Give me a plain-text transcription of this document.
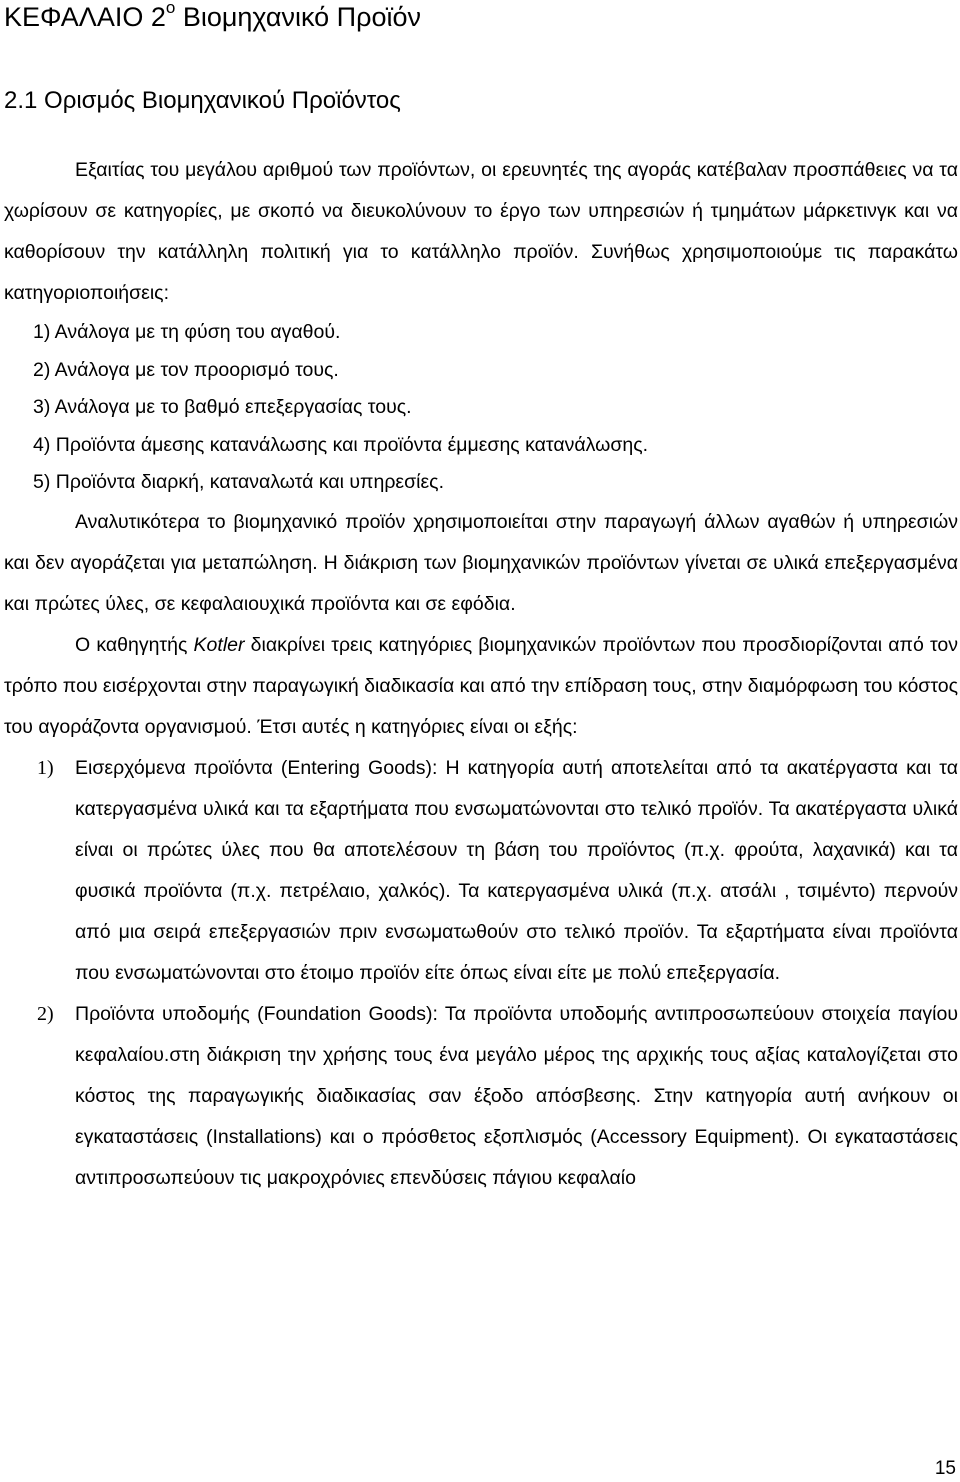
ΚΕΦΑΛΑΙΟ $2^o$ Βιομηχανικό Προϊόν
2.1 Ορισμός Βιομηχανικού Προϊόντος

Εξαιτίας του μεγάλου αριθμού των προϊόντων, οι ερευνητές της αγοράς κατέβαλαν προσπάθειες να τα χωρίσουν σε κατηγορίες, με σκοπό να διευκολύνουν το έργο των υπηρεσιών ή τμημάτων μάρκετινγκ και να καθορίσουν την κατάλληλη πολιτική για το κατάλληλο προϊόν. Συνήθως χρησιμοποιούμε τις παρακάτω κατηγοριοποιήσεις:

1) Ανάλογα με τη φύση του αγαθού.
2) Ανάλογα με τον προορισμό τους.
3) Ανάλογα με το βαθμό επεξεργασίας τους.
4) Προϊόντα άμεσης κατανάλωσης και προϊόντα έμμεσης κατανάλωσης.
5) Προϊόντα διαρκή, καταναλωτά και υπηρεσίες.

Αναλυτικότερα το βιομηχανικό προϊόν χρησιμοποιείται στην παραγωγή άλλων αγαθών ή υπηρεσιών και δεν αγοράζεται για μεταπώληση. Η διάκριση των βιομηχανικών προϊόντων γίνεται σε υλικά επεξεργασμένα και πρώτες ύλες, σε κεφαλαιουχικά προϊόντα και σε εφόδια.

Ο καθηγητής Kotler διακρίνει τρεις κατηγόριες βιομηχανικών προϊόντων που προσδιορίζονται από τον τρόπο που εισέρχονται στην παραγωγική διαδικασία και από την επίδραση τους, στην διαμόρφωση του κόστος του αγοράζοντα οργανισμού. Έτσι αυτές η κατηγόριες είναι οι εξής:

1) Εισερχόμενα προϊόντα (Entering Goods): Η κατηγορία αυτή αποτελείται από τα ακατέργαστα και τα κατεργασμένα υλικά και τα εξαρτήματα που ενσωματώνονται στο τελικό προϊόν. Τα ακατέργαστα υλικά είναι οι πρώτες ύλες που θα αποτελέσουν τη βάση του προϊόντος (π.χ. φρούτα, λαχανικά) και τα φυσικά προϊόντα (π.χ. πετρέλαιο, χαλκός). Τα κατεργασμένα υλικά (π.χ. ατσάλι , τσιμέντο) περνούν από μια σειρά επεξεργασιών πριν ενσωματωθούν στο τελικό προϊόν. Τα εξαρτήματα είναι προϊόντα που ενσωματώνονται στο έτοιμο προϊόν είτε όπως είναι είτε με πολύ επεξεργασία.
2) Προϊόντα υποδομής (Foundation Goods): Τα προϊόντα υποδομής αντιπροσωπεύουν στοιχεία παγίου κεφαλαίου.στη διάκριση την χρήσης τους ένα μεγάλο μέρος της αρχικής τους αξίας καταλογίζεται στο κόστος της παραγωγικής διαδικασίας σαν έξοδο απόσβεσης. Στην κατηγορία αυτή ανήκουν οι εγκαταστάσεις (Installations) και ο πρόσθετος εξοπλισμός (Accessory Equipment). Οι εγκαταστάσεις αντιπροσωπεύουν τις μακροχρόνιες επενδύσεις πάγιου κεφαλαίο
15
